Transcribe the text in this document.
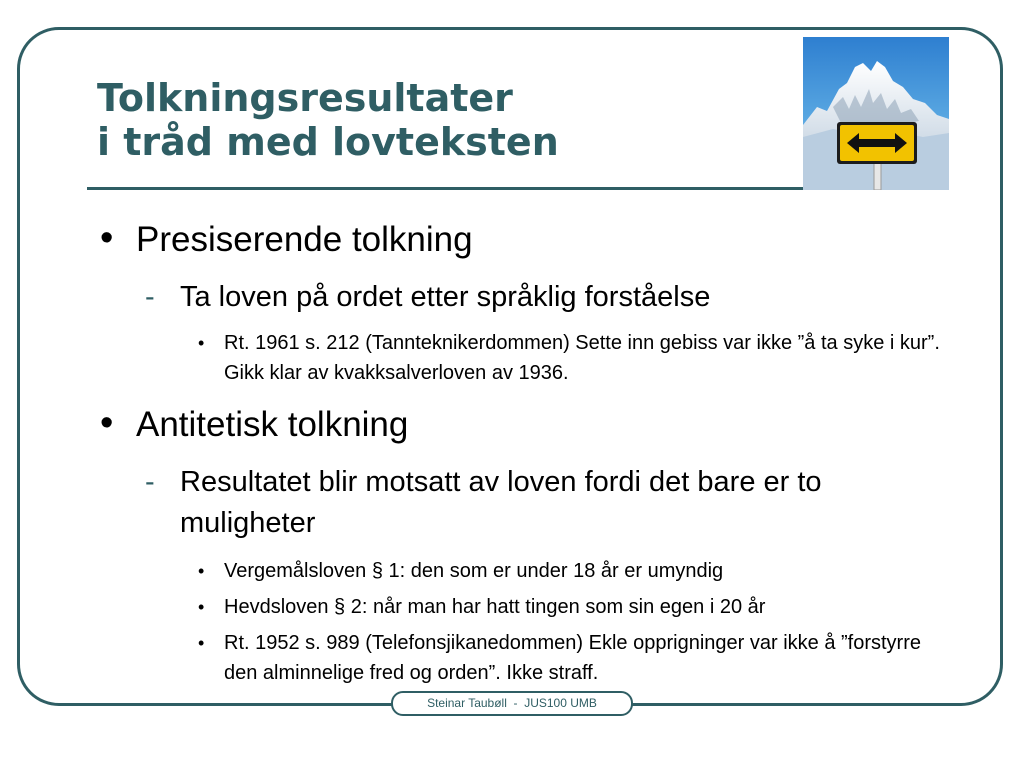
Tolkningsresultater
i tråd med lovteksten
• Presiserende tolkning
- Ta loven på ordet etter språklig forståelse
• Rt. 1961 s. 212 (Tannteknikerdommen) Sette inn gebiss var ikke ”å ta syke i kur”. Gikk klar av kvakksalverloven av 1936.
• Antitetisk tolkning
- Resultatet blir motsatt av loven fordi det bare er to muligheter
• Vergemålsloven § 1: den som er under 18 år er umyndig
• Hevdsloven § 2: når man har hatt tingen som sin egen i 20 år
• Rt. 1952 s. 989 (Telefonsjikanedommen) Ekle opprigninger var ikke å ”forstyrre den alminnelige fred og orden”. Ikke straff.
Steinar Taubøll  -  JUS100 UMB
